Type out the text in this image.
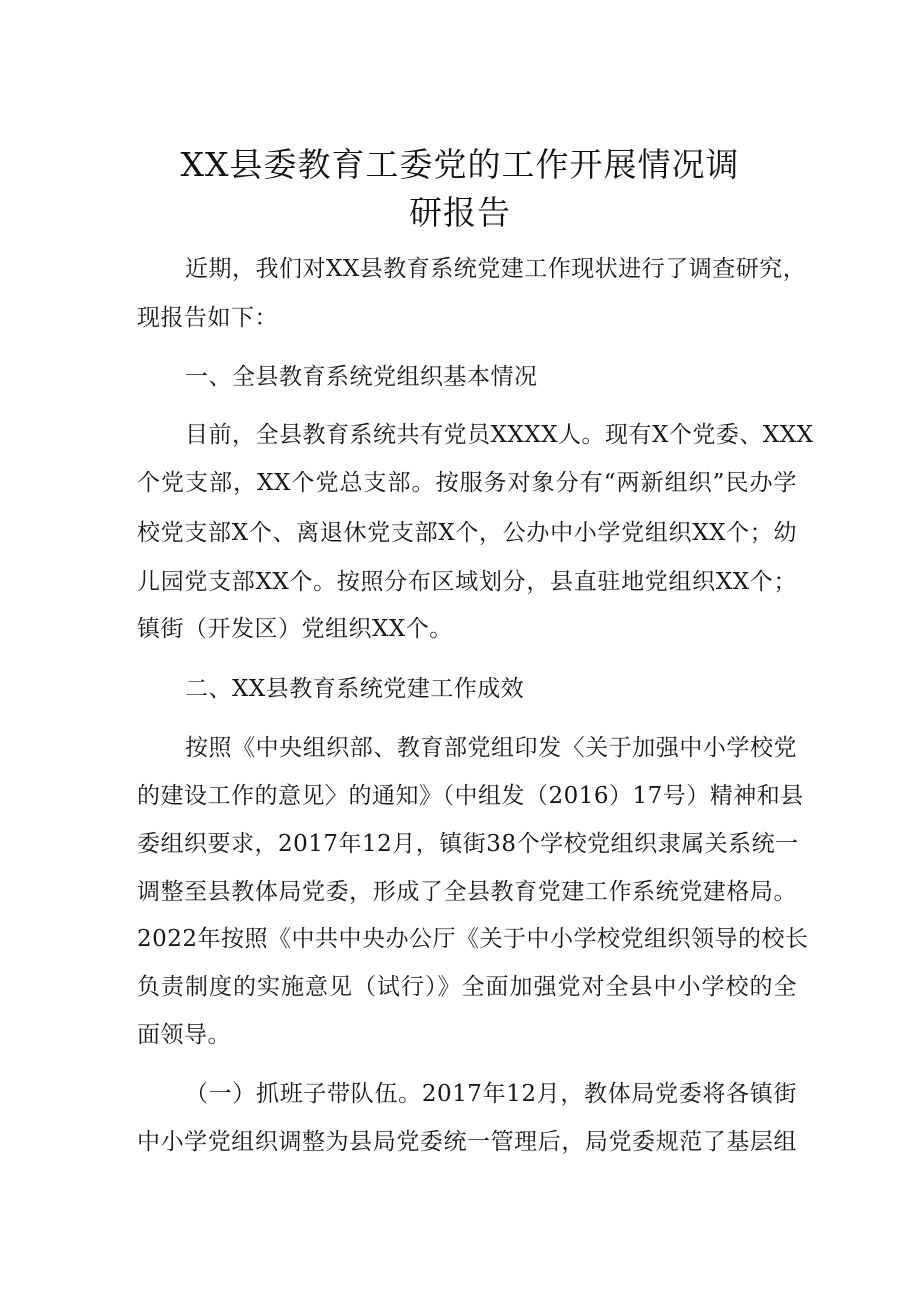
XX县委教育工委党的工作开展情况调
研报告
近期，我们对XX县教育系统党建工作现状进行了调查研究，
现报告如下：
一、全县教育系统党组织基本情况
目前，全县教育系统共有党员XXXX人。现有X个党委、XXX
个党支部，XX个党总支部。按服务对象分有“两新组织”民办学
校党支部X个、离退休党支部X个，公办中小学党组织XX个；幼
儿园党支部XX个。按照分布区域划分，县直驻地党组织XX个；
镇街（开发区）党组织XX个。
二、XX县教育系统党建工作成效
按照《中央组织部、教育部党组印发〈关于加强中小学校党
的建设工作的意见〉的通知》（中组发（2016）17号）精神和县
委组织要求，2017年12月，镇街38个学校党组织隶属关系统一
调整至县教体局党委，形成了全县教育党建工作系统党建格局。
2022年按照《中共中央办公厅《关于中小学校党组织领导的校长
负责制度的实施意见（试行）》全面加强党对全县中小学校的全
面领导。
（一）抓班子带队伍。2017年12月，教体局党委将各镇街
中小学党组织调整为县局党委统一管理后，局党委规范了基层组
